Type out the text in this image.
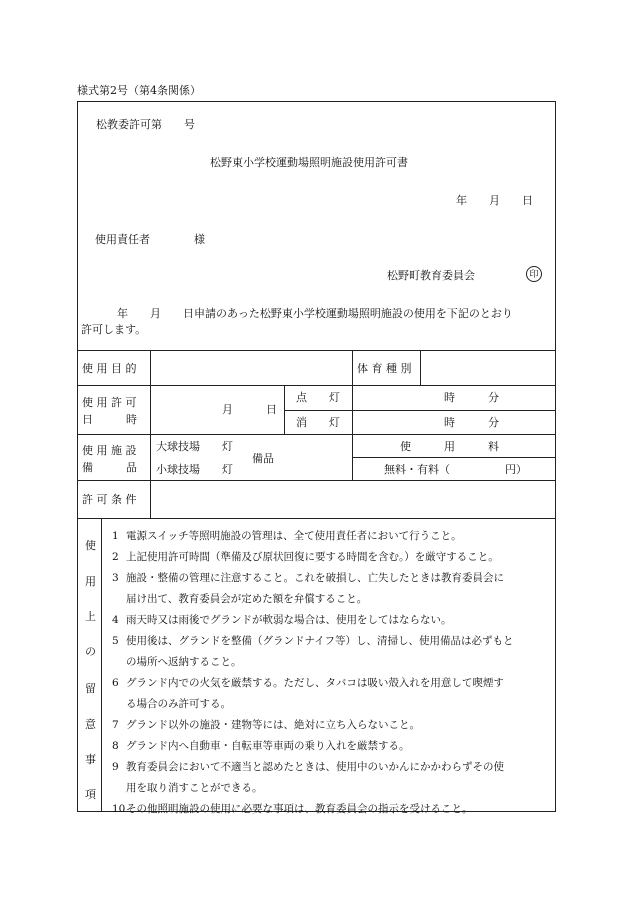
様式第2号（第4条関係）
松教委許可第　　号
松野東小学校運動場照明施設使用許可書
年　　月　　日
使用責任者　　　　様
松野町教育委員会	印
年　　月　　日申請のあった松野東小学校運動場照明施設の使用を下記のとおり
許可します。
使 用 目 的	体 育 種 別
使 用 許 可
日　　　時
月　　　日
点　　灯
消　　灯
時　　　分
時　　　分
使 用 施 設
備　　　品
大球技場　　灯
小球技場　　灯
備品
使　　　用　　　料
無料・有料（　　　　　円）
許 可 条 件
使
用
上
の
留
意
事
項
1 電源スイッチ等照明施設の管理は、全て使用責任者において行うこと。
2 上記使用許可時間（準備及び原状回復に要する時間を含む。）を厳守すること。
3 施設・整備の管理に注意すること。これを破損し、亡失したときは教育委員会に
届け出て、教育委員会が定めた額を弁償すること。
4 雨天時又は雨後でグランドが軟弱な場合は、使用をしてはならない。
5 使用後は、グランドを整備（グランドナイフ等）し、清掃し、使用備品は必ずもと
の場所へ返納すること。
6 グランド内での火気を厳禁する。ただし、タバコは吸い殻入れを用意して喫煙す
る場合のみ許可する。
7 グランド以外の施設・建物等には、絶対に立ち入らないこと。
8 グランド内へ自動車・自転車等車両の乗り入れを厳禁する。
9 教育委員会において不適当と認めたときは、使用中のいかんにかかわらずその使
用を取り消すことができる。
10その他照明施設の使用に必要な事項は、教育委員会の指示を受けること。
